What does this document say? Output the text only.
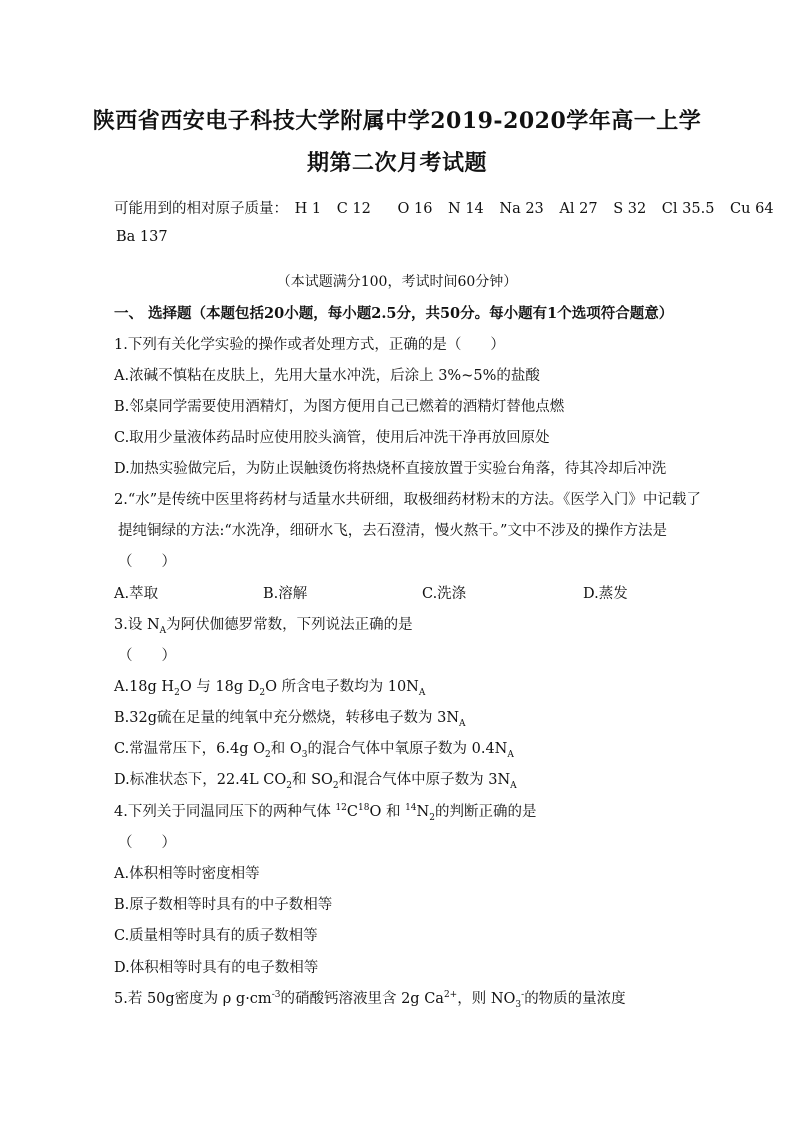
陕西省西安电子科技大学附属中学2019-2020学年高一上学
期第二次月考试题
可能用到的相对原子质量： H 1 C 12 O 16 N 14 Na 23 Al 27 S 32 Cl 35.5 Cu 64
Ba 137
（本试题满分100，考试时间60分钟）
一、 选择题（本题包括20小题，每小题2.5分，共50分。每小题有1个选项符合题意）
1.下列有关化学实验的操作或者处理方式，正确的是（　　）
A.浓碱不慎粘在皮肤上，先用大量水冲洗，后涂上 3%~5%的盐酸
B.邻桌同学需要使用酒精灯，为图方便用自己已燃着的酒精灯替他点燃
C.取用少量液体药品时应使用胶头滴管，使用后冲洗干净再放回原处
D.加热实验做完后，为防止误触烫伤将热烧杯直接放置于实验台角落，待其冷却后冲洗
2.“水”是传统中医里将药材与适量水共研细，取极细药材粉末的方法。《医学入门》中记载了
提纯铜绿的方法:“水洗净，细研水飞，去石澄清，慢火熬干。”文中不涉及的操作方法是
（　　）
A.萃取	B.溶解	C.洗涤	D.蒸发
3.设 $N_A$为阿伏伽德罗常数，下列说法正确的是
（　　）
A.18g $H_2O$ 与 18g $D_2O$ 所含电子数均为 $10N_A$
B.32g硫在足量的纯氧中充分燃烧，转移电子数为 $3N_A$
C.常温常压下，6.4g $O_2$和 $O_3$的混合气体中氧原子数为 $0.4N_A$
D.标准状态下，22.4L $CO_2$和 $SO_2$和混合气体中原子数为 $3N_A$
4.下列关于同温同压下的两种气体 $^{12}C^{18}O$ 和 $^{14}N_2$的判断正确的是
（　　）
A.体积相等时密度相等
B.原子数相等时具有的中子数相等
C.质量相等时具有的质子数相等
D.体积相等时具有的电子数相等
5.若 50g密度为 ρ $g\cdot cm^{-3}$的硝酸钙溶液里含 2g $Ca^{2+}$，则 $NO_3^-$的物质的量浓度
